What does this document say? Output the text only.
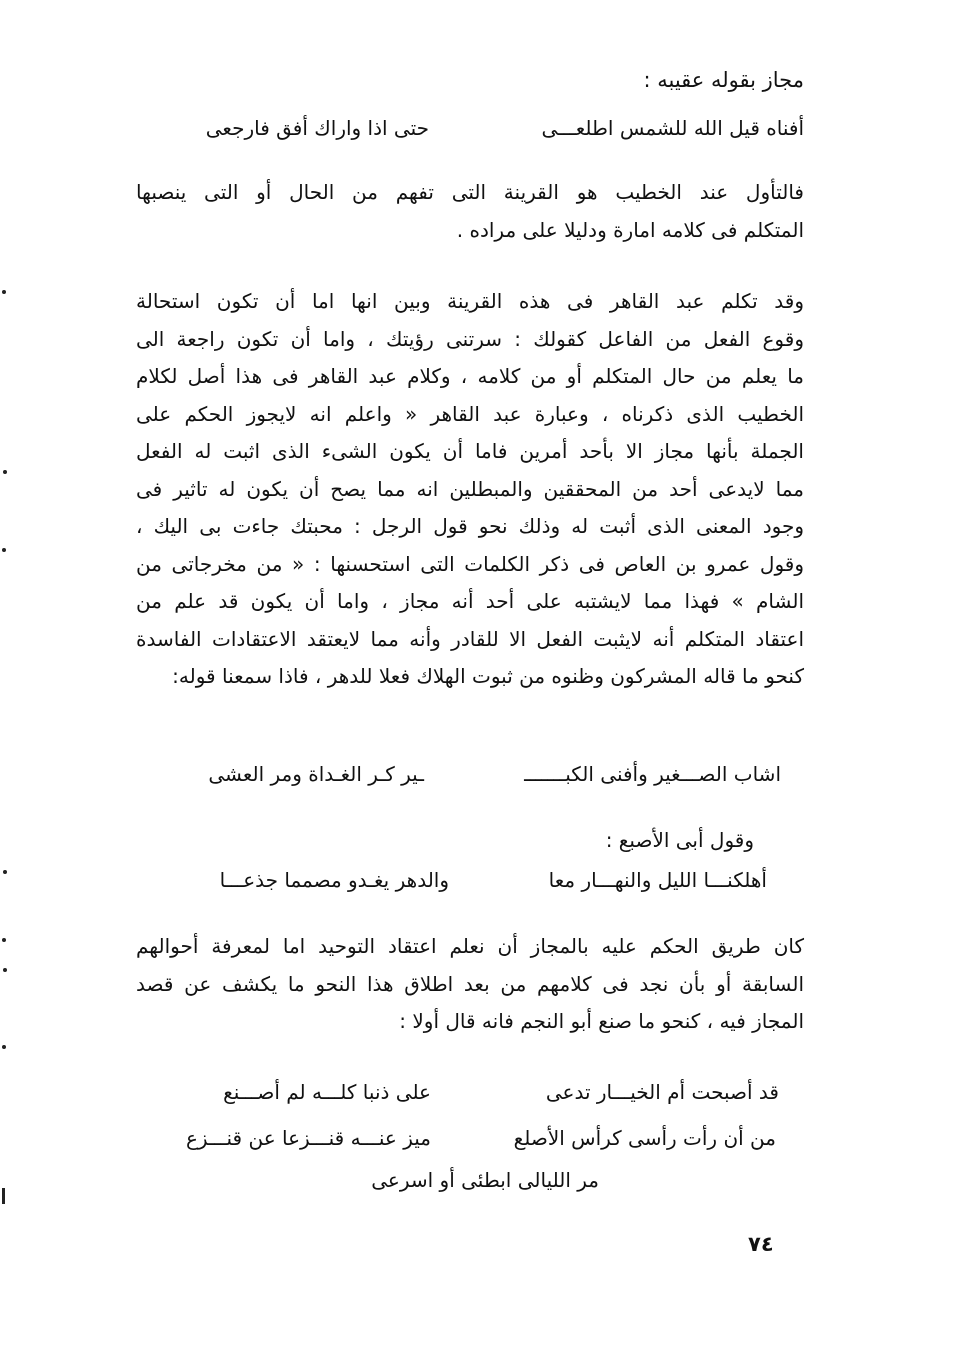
مجاز بقوله عقيبه :
أفناه قيل الله للشمس اطلعـــى
حتى اذا واراك أفق فارجعى
فالتأول عند الخطيب هو القرينة التى تفهم من الحال أو التى ينصبها
المتكلم فى كلامه امارة ودليلا على مراده .
وقد تكلم عبد القاهر فى هذه القرينة وبين انها اما أن تكون استحالة
وقوع الفعل من الفاعل كقولك : سرتنى رؤيتك ، واما أن تكون راجعة الى
ما يعلم من حال المتكلم أو من كلامه ، وكلام عبد القاهر فى هذا أصل لكلام
الخطيب الذى ذكرناه ، وعبارة عبد القاهر « واعلم انه لايجوز الحكم على
الجملة بأنها مجاز الا بأحد أمرين فاما أن يكون الشىء الذى اثبت له الفعل
مما لايدعى أحد من المحققين والمبطلين انه مما يصح أن يكون له تاثير فى
وجود المعنى الذى أثبت له وذلك نحو قول الرجل : محبتك جاءت بى اليك ،
وقول عمرو بن العاص فى ذكر الكلمات التى استحسنها : « من مخرجاتى من
الشام » فهذا مما لايشتبه على أحد أنه مجاز ، واما أن يكون قد علم من
اعتقاد المتكلم أنه لايثبت الفعل الا للقادر وأنه مما لايعتقد الاعتقادات الفاسدة
كنحو ما قاله المشركون وظنوه من ثبوت الهلاك فعلا للدهر ، فاذا سمعنا قوله:
اشاب الصـــغير وأفنى الكبـــــــ
ـير كـر الغـداة ومر العشى
وقول أبى الأصبع :
أهلكنـــا الليل والنهـــار معا
والدهر يغـدو مصمما جذعـــا
كان طريق الحكم عليه بالمجاز أن نعلم اعتقاد التوحيد اما لمعرفة أحوالهم
السابقة أو بأن نجد فى كلامهم من بعد اطلاق هذا النحو ما يكشف عن قصد
المجاز فيه ، كنحو ما صنع أبو النجم فانه قال أولا :
قد أصبحت أم الخيـــار تدعى
على ذنبا كلـــه لم أصـــنع
من أن رأت رأسى كرأس الأصلع
ميز عنـــه قنـــزعا عن قنـــزع
مر الليالى ابطئى أو اسرعى
٧٤
